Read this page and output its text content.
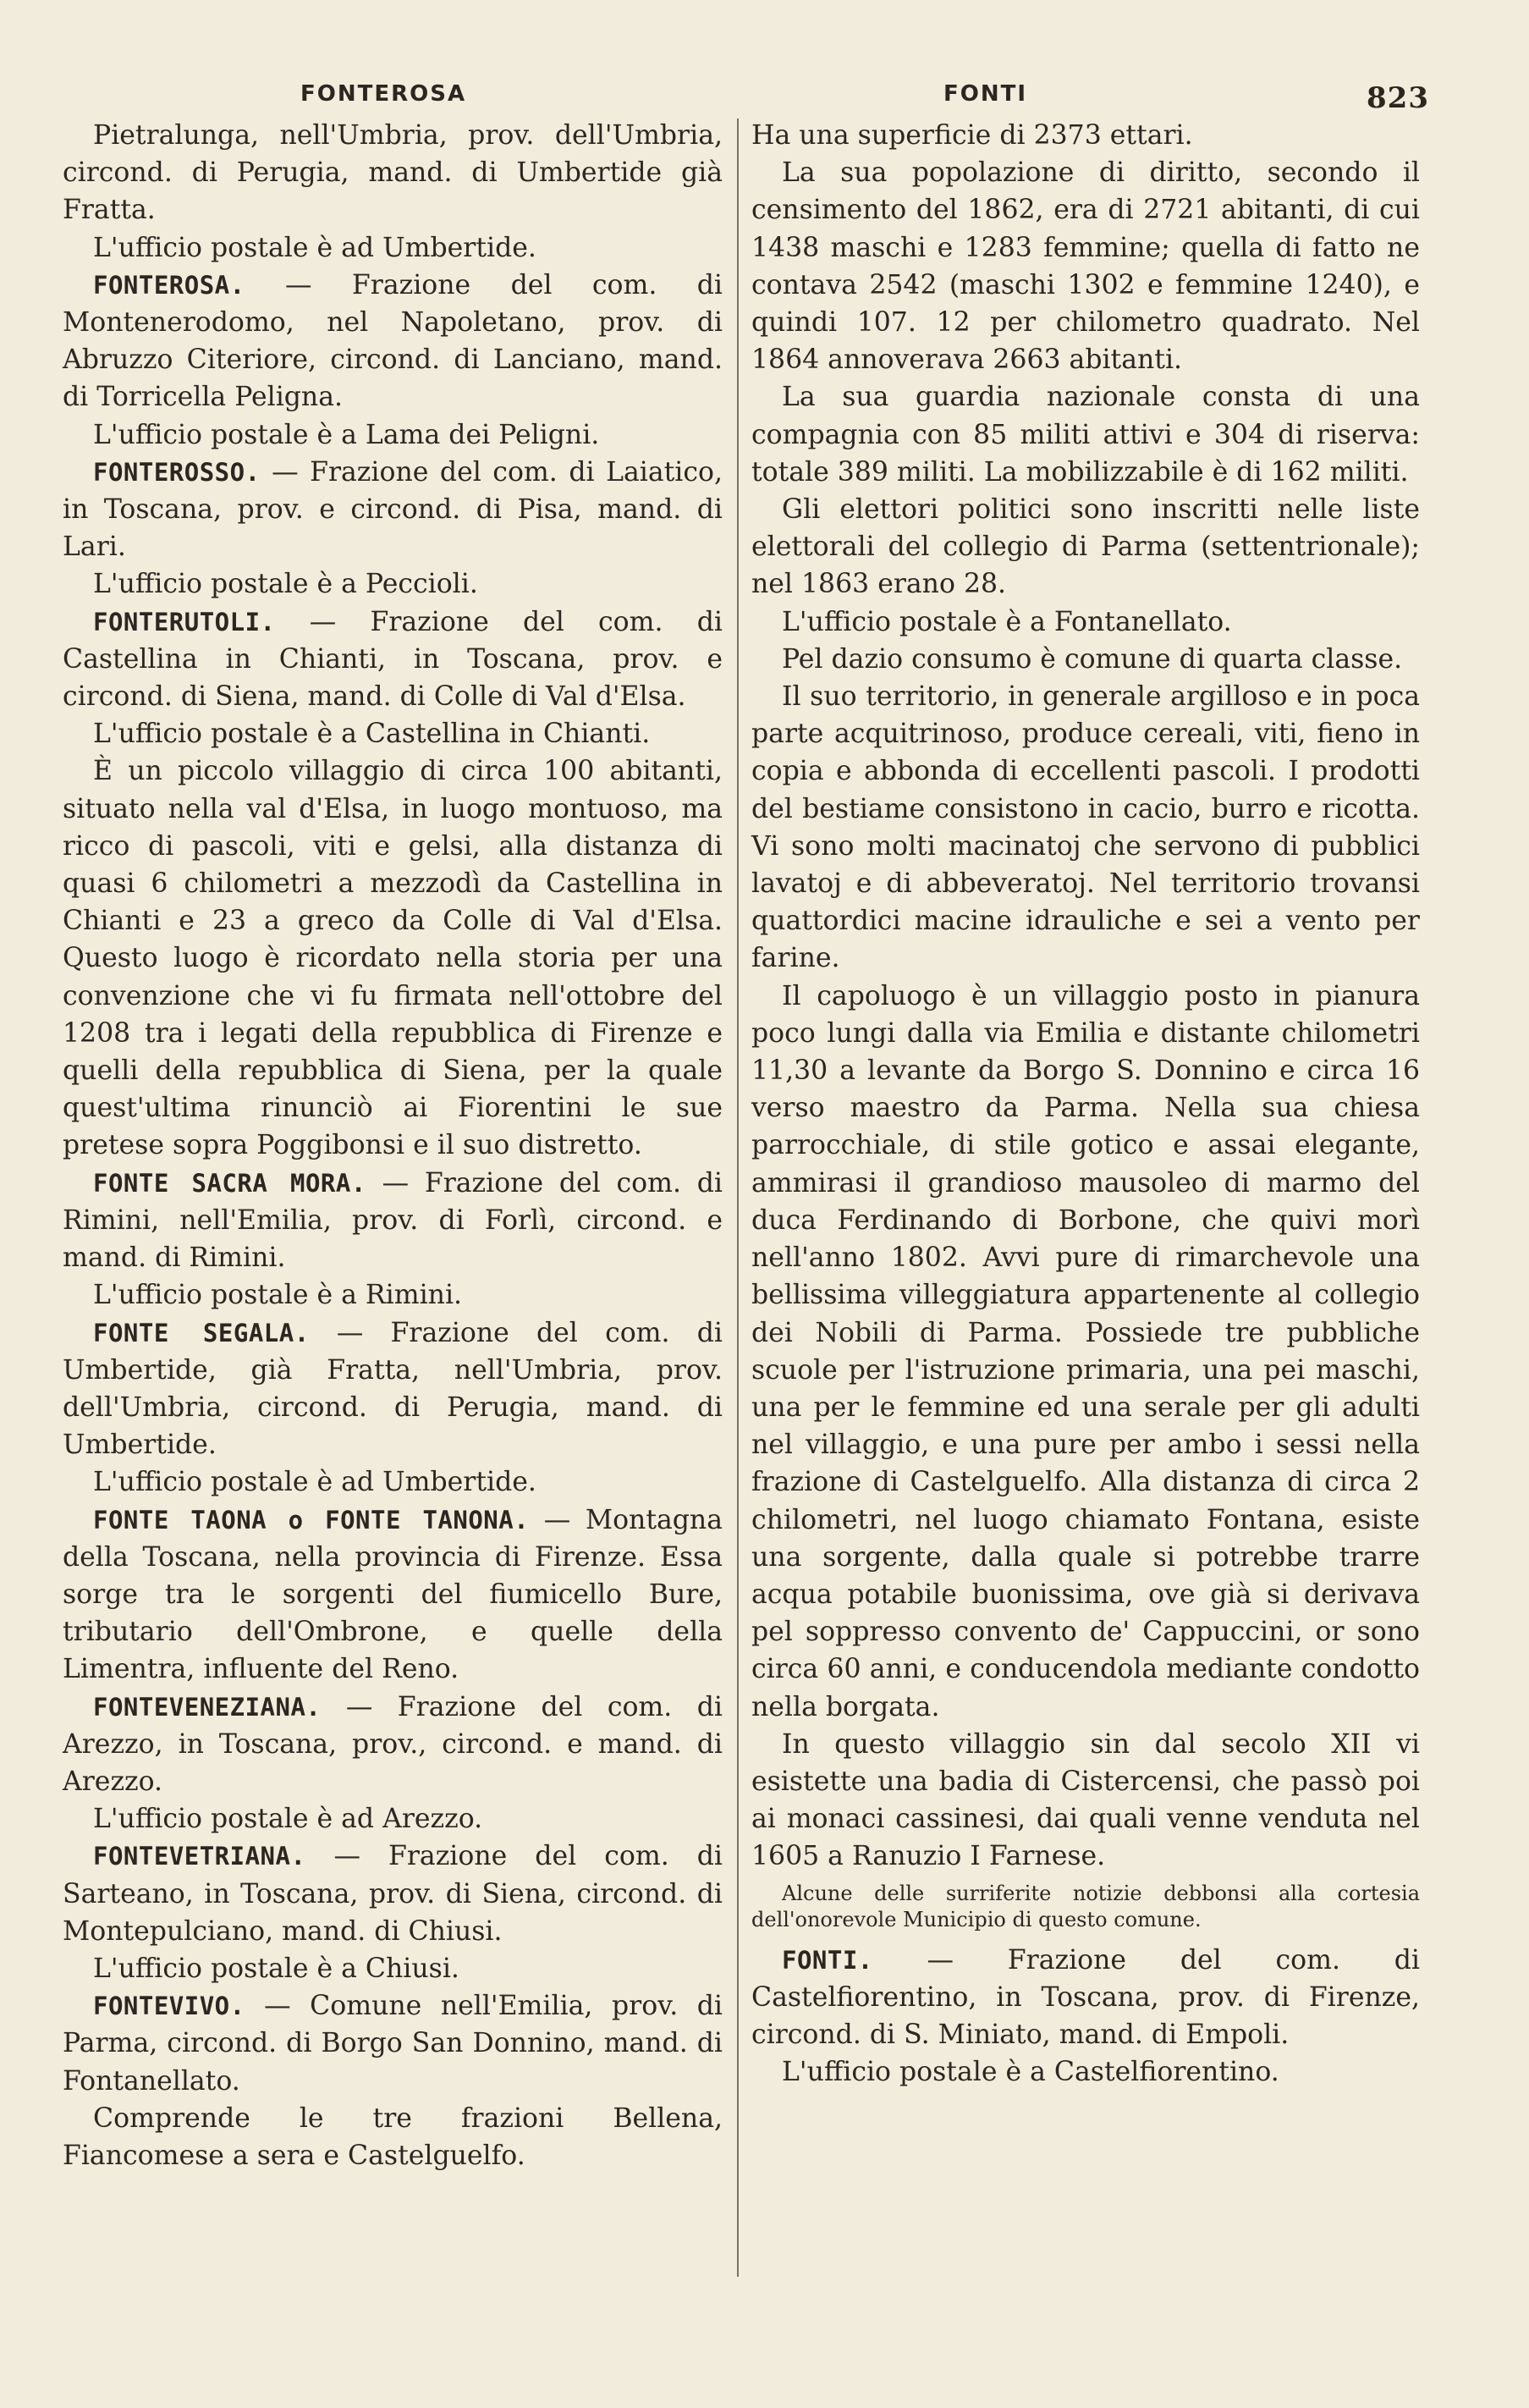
FONTEROSA	FONTI	823

Pietralunga, nell'Umbria, prov. dell'Umbria, circond. di Perugia, mand. di Umbertide già Fratta.

L'ufficio postale è ad Umbertide.

FONTEROSA. — Frazione del com. di Montenerodomo, nel Napoletano, prov. di Abruzzo Citeriore, circond. di Lanciano, mand. di Torricella Peligna.

L'ufficio postale è a Lama dei Peligni.

FONTEROSSO. — Frazione del com. di Laiatico, in Toscana, prov. e circond. di Pisa, mand. di Lari.

L'ufficio postale è a Peccioli.

FONTERUTOLI. — Frazione del com. di Castellina in Chianti, in Toscana, prov. e circond. di Siena, mand. di Colle di Val d'Elsa.

L'ufficio postale è a Castellina in Chianti.

È un piccolo villaggio di circa 100 abitanti, situato nella val d'Elsa, in luogo montuoso, ma ricco di pascoli, viti e gelsi, alla distanza di quasi 6 chilometri a mezzodì da Castellina in Chianti e 23 a greco da Colle di Val d'Elsa. Questo luogo è ricordato nella storia per una convenzione che vi fu firmata nell'ottobre del 1208 tra i legati della repubblica di Firenze e quelli della repubblica di Siena, per la quale quest'ultima rinunciò ai Fiorentini le sue pretese sopra Poggibonsi e il suo distretto.

FONTE SACRA MORA. — Frazione del com. di Rimini, nell'Emilia, prov. di Forlì, circond. e mand. di Rimini.

L'ufficio postale è a Rimini.

FONTE SEGALA. — Frazione del com. di Umbertide, già Fratta, nell'Umbria, prov. dell'Umbria, circond. di Perugia, mand. di Umbertide.

L'ufficio postale è ad Umbertide.

FONTE TAONA o FONTE TANONA. — Montagna della Toscana, nella provincia di Firenze. Essa sorge tra le sorgenti del fiumicello Bure, tributario dell'Ombrone, e quelle della Limentra, influente del Reno.

FONTEVENEZIANA. — Frazione del com. di Arezzo, in Toscana, prov., circond. e mand. di Arezzo.

L'ufficio postale è ad Arezzo.

FONTEVETRIANA. — Frazione del com. di Sarteano, in Toscana, prov. di Siena, circond. di Montepulciano, mand. di Chiusi.

L'ufficio postale è a Chiusi.

FONTEVIVO. — Comune nell'Emilia, prov. di Parma, circond. di Borgo San Donnino, mand. di Fontanellato.

Comprende le tre frazioni Bellena, Fiancomese a sera e Castelguelfo.

Ha una superficie di 2373 ettari.

La sua popolazione di diritto, secondo il censimento del 1862, era di 2721 abitanti, di cui 1438 maschi e 1283 femmine; quella di fatto ne contava 2542 (maschi 1302 e femmine 1240), e quindi 107. 12 per chilometro quadrato. Nel 1864 annoverava 2663 abitanti.

La sua guardia nazionale consta di una compagnia con 85 militi attivi e 304 di riserva: totale 389 militi. La mobilizzabile è di 162 militi.

Gli elettori politici sono inscritti nelle liste elettorali del collegio di Parma (settentrionale); nel 1863 erano 28.

L'ufficio postale è a Fontanellato.

Pel dazio consumo è comune di quarta classe.

Il suo territorio, in generale argilloso e in poca parte acquitrinoso, produce cereali, viti, fieno in copia e abbonda di eccellenti pascoli. I prodotti del bestiame consistono in cacio, burro e ricotta. Vi sono molti macinatoj che servono di pubblici lavatoj e di abbeveratoj. Nel territorio trovansi quattordici macine idrauliche e sei a vento per farine.

Il capoluogo è un villaggio posto in pianura poco lungi dalla via Emilia e distante chilometri 11,30 a levante da Borgo S. Donnino e circa 16 verso maestro da Parma. Nella sua chiesa parrocchiale, di stile gotico e assai elegante, ammirasi il grandioso mausoleo di marmo del duca Ferdinando di Borbone, che quivi morì nell'anno 1802. Avvi pure di rimarchevole una bellissima villeggiatura appartenente al collegio dei Nobili di Parma. Possiede tre pubbliche scuole per l'istruzione primaria, una pei maschi, una per le femmine ed una serale per gli adulti nel villaggio, e una pure per ambo i sessi nella frazione di Castelguelfo. Alla distanza di circa 2 chilometri, nel luogo chiamato Fontana, esiste una sorgente, dalla quale si potrebbe trarre acqua potabile buonissima, ove già si derivava pel soppresso convento de' Cappuccini, or sono circa 60 anni, e conducendola mediante condotto nella borgata.

In questo villaggio sin dal secolo XII vi esistette una badia di Cistercensi, che passò poi ai monaci cassinesi, dai quali venne venduta nel 1605 a Ranuzio I Farnese.

Alcune delle surriferite notizie debbonsi alla cortesia dell'onorevole Municipio di questo comune.

FONTI. — Frazione del com. di Castelfiorentino, in Toscana, prov. di Firenze, circond. di S. Miniato, mand. di Empoli.

L'ufficio postale è a Castelfiorentino.
